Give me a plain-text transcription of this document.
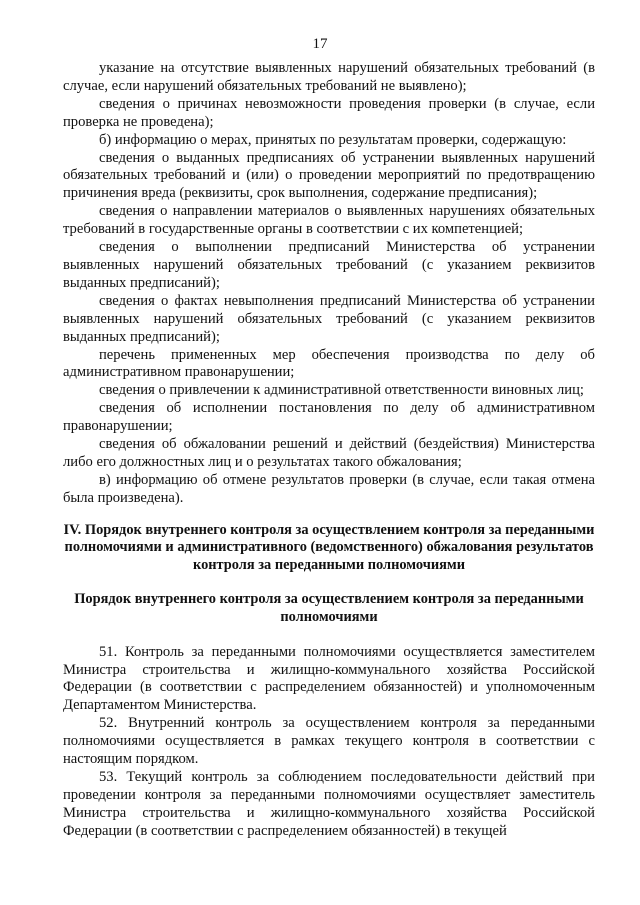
17

указание на отсутствие выявленных нарушений обязательных требований (в случае, если нарушений обязательных требований не выявлено);

сведения о причинах невозможности проведения проверки (в случае, если проверка не проведена);

б) информацию о мерах, принятых по результатам проверки, содержащую:

сведения о выданных предписаниях об устранении выявленных нарушений обязательных требований и (или) о проведении мероприятий по предотвращению причинения вреда (реквизиты, срок выполнения, содержание предписания);

сведения о направлении материалов о выявленных нарушениях обязательных требований в государственные органы в соответствии с их компетенцией;

сведения о выполнении предписаний Министерства об устранении выявленных нарушений обязательных требований (с указанием реквизитов выданных предписаний);

сведения о фактах невыполнения предписаний Министерства об устранении выявленных нарушений обязательных требований (с указанием реквизитов выданных предписаний);

перечень примененных мер обеспечения производства по делу об административном правонарушении;

сведения о привлечении к административной ответственности виновных лиц;

сведения об исполнении постановления по делу об административном правонарушении;

сведения об обжаловании решений и действий (бездействия) Министерства либо его должностных лиц и о результатах такого обжалования;

в) информацию об отмене результатов проверки (в случае, если такая отмена была произведена).

IV. Порядок внутреннего контроля за осуществлением контроля за переданными полномочиями и административного (ведомственного) обжалования результатов контроля за переданными полномочиями

Порядок внутреннего контроля за осуществлением контроля за переданными полномочиями

51. Контроль за переданными полномочиями осуществляется заместителем Министра строительства и жилищно-коммунального хозяйства Российской Федерации (в соответствии с распределением обязанностей) и уполномоченным Департаментом Министерства.

52. Внутренний контроль за осуществлением контроля за переданными полномочиями осуществляется в рамках текущего контроля в соответствии с настоящим порядком.

53. Текущий контроль за соблюдением последовательности действий при проведении контроля за переданными полномочиями осуществляет заместитель Министра строительства и жилищно-коммунального хозяйства Российской Федерации (в соответствии с распределением обязанностей) в текущей
